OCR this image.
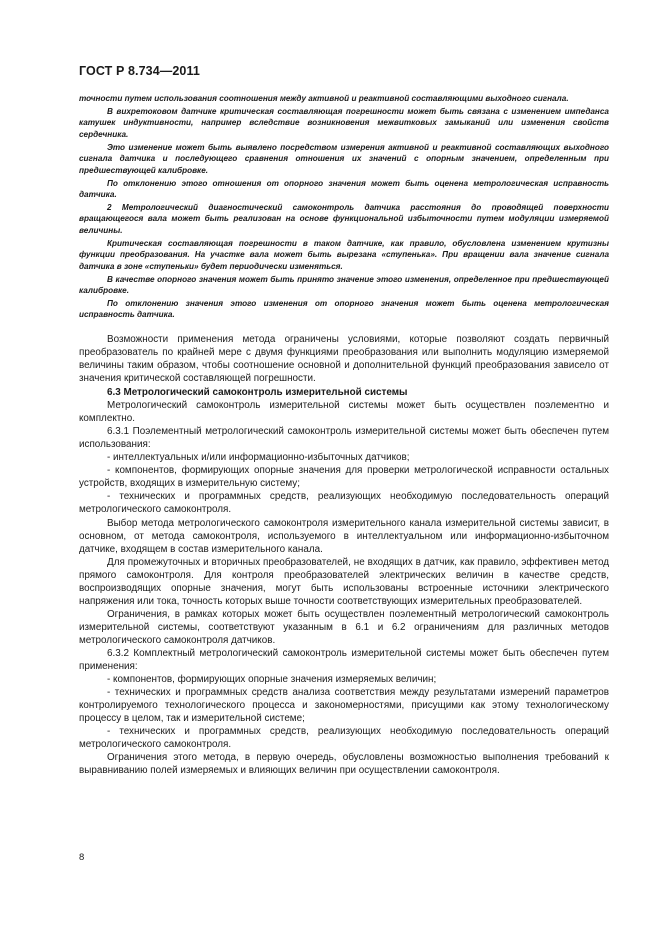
ГОСТ Р 8.734—2011

точности путем использования соотношения между активной и реактивной составляющими выходного сигнала.

В вихретоковом датчике критическая составляющая погрешности может быть связана с изменением импеданса катушек индуктивности, например вследствие возникновения межвитковых замыканий или изменения свойств сердечника.

Это изменение может быть выявлено посредством измерения активной и реактивной составляющих выходного сигнала датчика и последующего сравнения отношения их значений с опорным значением, определенным при предшествующей калибровке.

По отклонению этого отношения от опорного значения может быть оценена метрологическая исправность датчика.

2 Метрологический диагностический самоконтроль датчика расстояния до проводящей поверхности вращающегося вала может быть реализован на основе функциональной избыточности путем модуляции измеряемой величины.

Критическая составляющая погрешности в таком датчике, как правило, обусловлена изменением крутизны функции преобразования. На участке вала может быть вырезана «ступенька». При вращении вала значение сигнала датчика в зоне «ступеньки» будет периодически изменяться.

В качестве опорного значения может быть принято значение этого изменения, определенное при предшествующей калибровке.

По отклонению значения этого изменения от опорного значения может быть оценена метрологическая исправность датчика.

Возможности применения метода ограничены условиями, которые позволяют создать первичный преобразователь по крайней мере с двумя функциями преобразования или выполнить модуляцию измеряемой величины таким образом, чтобы соотношение основной и дополнительной функций преобразования зависело от значения критической составляющей погрешности.

6.3 Метрологический самоконтроль измерительной системы

Метрологический самоконтроль измерительной системы может быть осуществлен поэлементно и комплектно.

6.3.1 Поэлементный метрологический самоконтроль измерительной системы может быть обеспечен путем использования:

- интеллектуальных и/или информационно-избыточных датчиков;

- компонентов, формирующих опорные значения для проверки метрологической исправности остальных устройств, входящих в измерительную систему;

- технических и программных средств, реализующих необходимую последовательность операций метрологического самоконтроля.

Выбор метода метрологического самоконтроля измерительного канала измерительной системы зависит, в основном, от метода самоконтроля, используемого в интеллектуальном или информационно-избыточном датчике, входящем в состав измерительного канала.

Для промежуточных и вторичных преобразователей, не входящих в датчик, как правило, эффективен метод прямого самоконтроля. Для контроля преобразователей электрических величин в качестве средств, воспроизводящих опорные значения, могут быть использованы встроенные источники электрического напряжения или тока, точность которых выше точности соответствующих измерительных преобразователей.

Ограничения, в рамках которых может быть осуществлен поэлементный метрологический самоконтроль измерительной системы, соответствуют указанным в 6.1 и 6.2 ограничениям для различных методов метрологического самоконтроля датчиков.

6.3.2 Комплектный метрологический самоконтроль измерительной системы может быть обеспечен путем применения:

- компонентов, формирующих опорные значения измеряемых величин;

- технических и программных средств анализа соответствия между результатами измерений параметров контролируемого технологического процесса и закономерностями, присущими как этому технологическому процессу в целом, так и измерительной системе;

- технических и программных средств, реализующих необходимую последовательность операций метрологического самоконтроля.

Ограничения этого метода, в первую очередь, обусловлены возможностью выполнения требований к выравниванию полей измеряемых и влияющих величин при осуществлении самоконтроля.

8
